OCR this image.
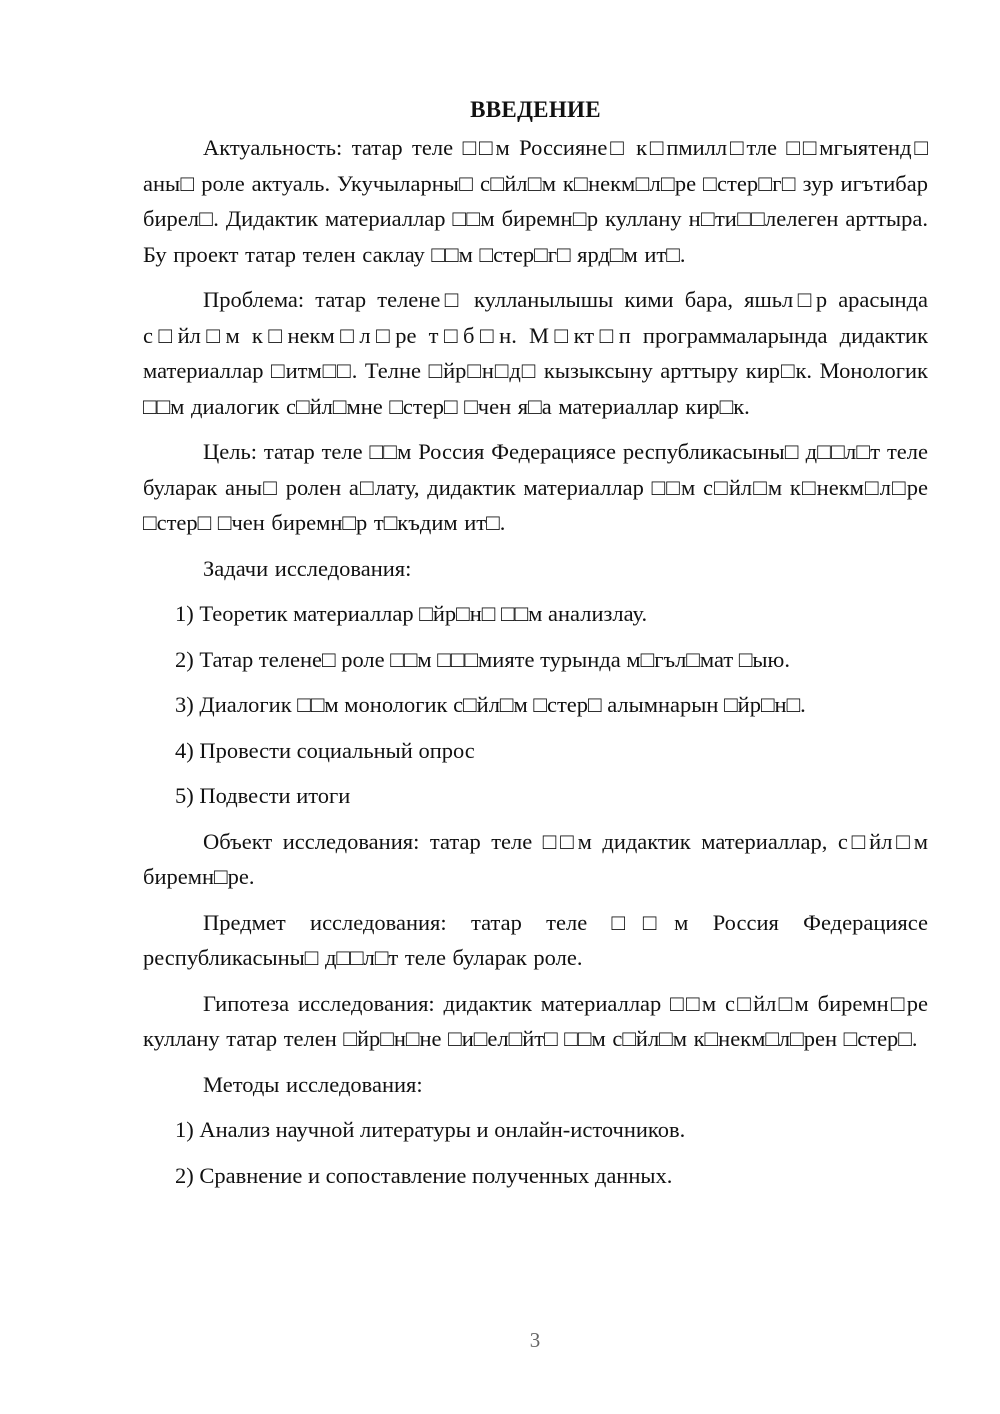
ВВЕДЕНИЕ

Актуальность: татар теле □□м Россияне□ к□пмилл□тле □□мгыятенд□ аны□ роле актуаль. Укучыларны□ с□йл□м к□некм□л□ре □стер□г□ зур игътибар бирел□. Дидактик материаллар □□м биремн□р куллану н□ти□□лелеген арттыра. Бу проект татар телен саклау □□м □стер□г□ ярд□м ит□.

Проблема: татар телене□ кулланылышы кими бара, яшьл□р арасында с□йл□м к□некм□л□ре т□б□н. М□кт□п программаларында дидактик материаллар □итм□□. Телне □йр□н□д□ кызыксыну арттыру кир□к. Монологик □□м диалогик с□йл□мне □стер□ □чен я□а материаллар кир□к.

Цель: татар теле □□м Россия Федерациясе республикасыны□ д□□л□т теле буларак аны□ ролен а□лату, дидактик материаллар □□м с□йл□м к□некм□л□ре □стер□ □чен биремн□р т□къдим ит□.

Задачи исследования:

1) Теоретик материаллар □йр□н□ □□м анализлау.

2) Татар телене□ роле □□м □□□мияте турында м□гъл□мат □ыю.

3) Диалогик □□м монологик с□йл□м □стер□ алымнарын □йр□н□.

4) Провести социальный опрос

5) Подвести итоги

Объект исследования: татар теле □□м дидактик материаллар, с□йл□м биремн□ре.

Предмет исследования: татар теле □□м Россия Федерациясе республикасыны□ д□□л□т теле буларак роле.

Гипотеза исследования: дидактик материаллар □□м с□йл□м биремн□ре куллану татар телен □йр□н□не □и□ел□йт□ □□м с□йл□м к□некм□л□рен □стер□.

Методы исследования:

1) Анализ научной литературы и онлайн-источников.

2) Сравнение и сопоставление полученных данных.

3
